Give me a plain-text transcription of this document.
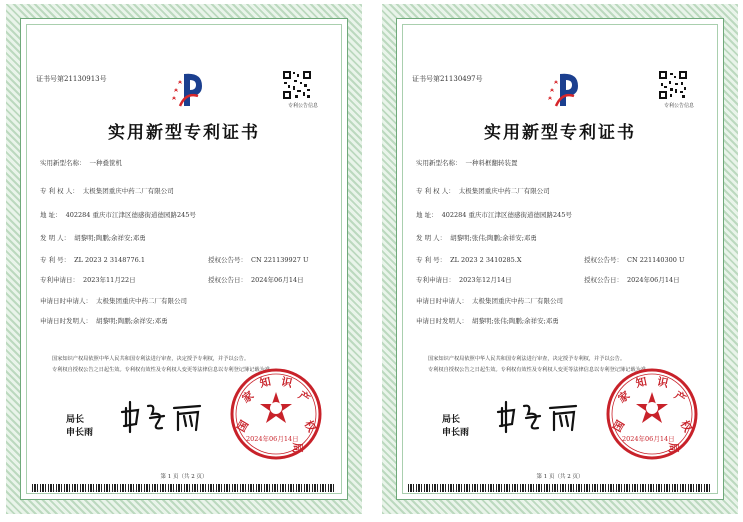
证书号第21130913号
专利公告信息
实用新型专利证书
实用新型名称： 一种叠筐机
专 利 权 人： 太极集团重庆中药二厂有限公司
地 址： 402284 重庆市江津区德感街道德园路245号
发 明 人： 胡黎明;陶鹏;余祥安;邓勇
专 利 号： ZL 2023 2 3148776.1	授权公告号： CN 221139927 U
专利申请日： 2023年11月22日	授权公告日： 2024年06月14日
申请日时申请人： 太极集团重庆中药二厂有限公司
申请日时发明人： 胡黎明;陶鹏;余祥安;邓勇

国家知识产权局依照中华人民共和国专利法进行审查，决定授予专利权，并予以公告。

专利权自授权公告之日起生效。专利权有效性及专利权人变更等法律信息以专利登记簿记载为准。

局长
申长雨	国
家
知 识
产
权
局
2024年06月14日
第 1 页（共 2 页）
证书号第21130497号
专利公告信息
实用新型专利证书
实用新型名称： 一种料框翻转装置
专 利 权 人： 太极集团重庆中药二厂有限公司
地 址： 402284 重庆市江津区德感街道德园路245号
发 明 人： 胡黎明;张伟;陶鹏;余祥安;邓勇
专 利 号： ZL 2023 2 3410285.X	授权公告号： CN 221140300 U
专利申请日： 2023年12月14日	授权公告日： 2024年06月14日
申请日时申请人： 太极集团重庆中药二厂有限公司
申请日时发明人： 胡黎明;张伟;陶鹏;余祥安;邓勇

国家知识产权局依照中华人民共和国专利法进行审查，决定授予专利权，并予以公告。

专利权自授权公告之日起生效。专利权有效性及专利权人变更等法律信息以专利登记簿记载为准。

局长
申长雨	国
家
知 识
产
权
局
2024年06月14日
第 1 页（共 2 页）
